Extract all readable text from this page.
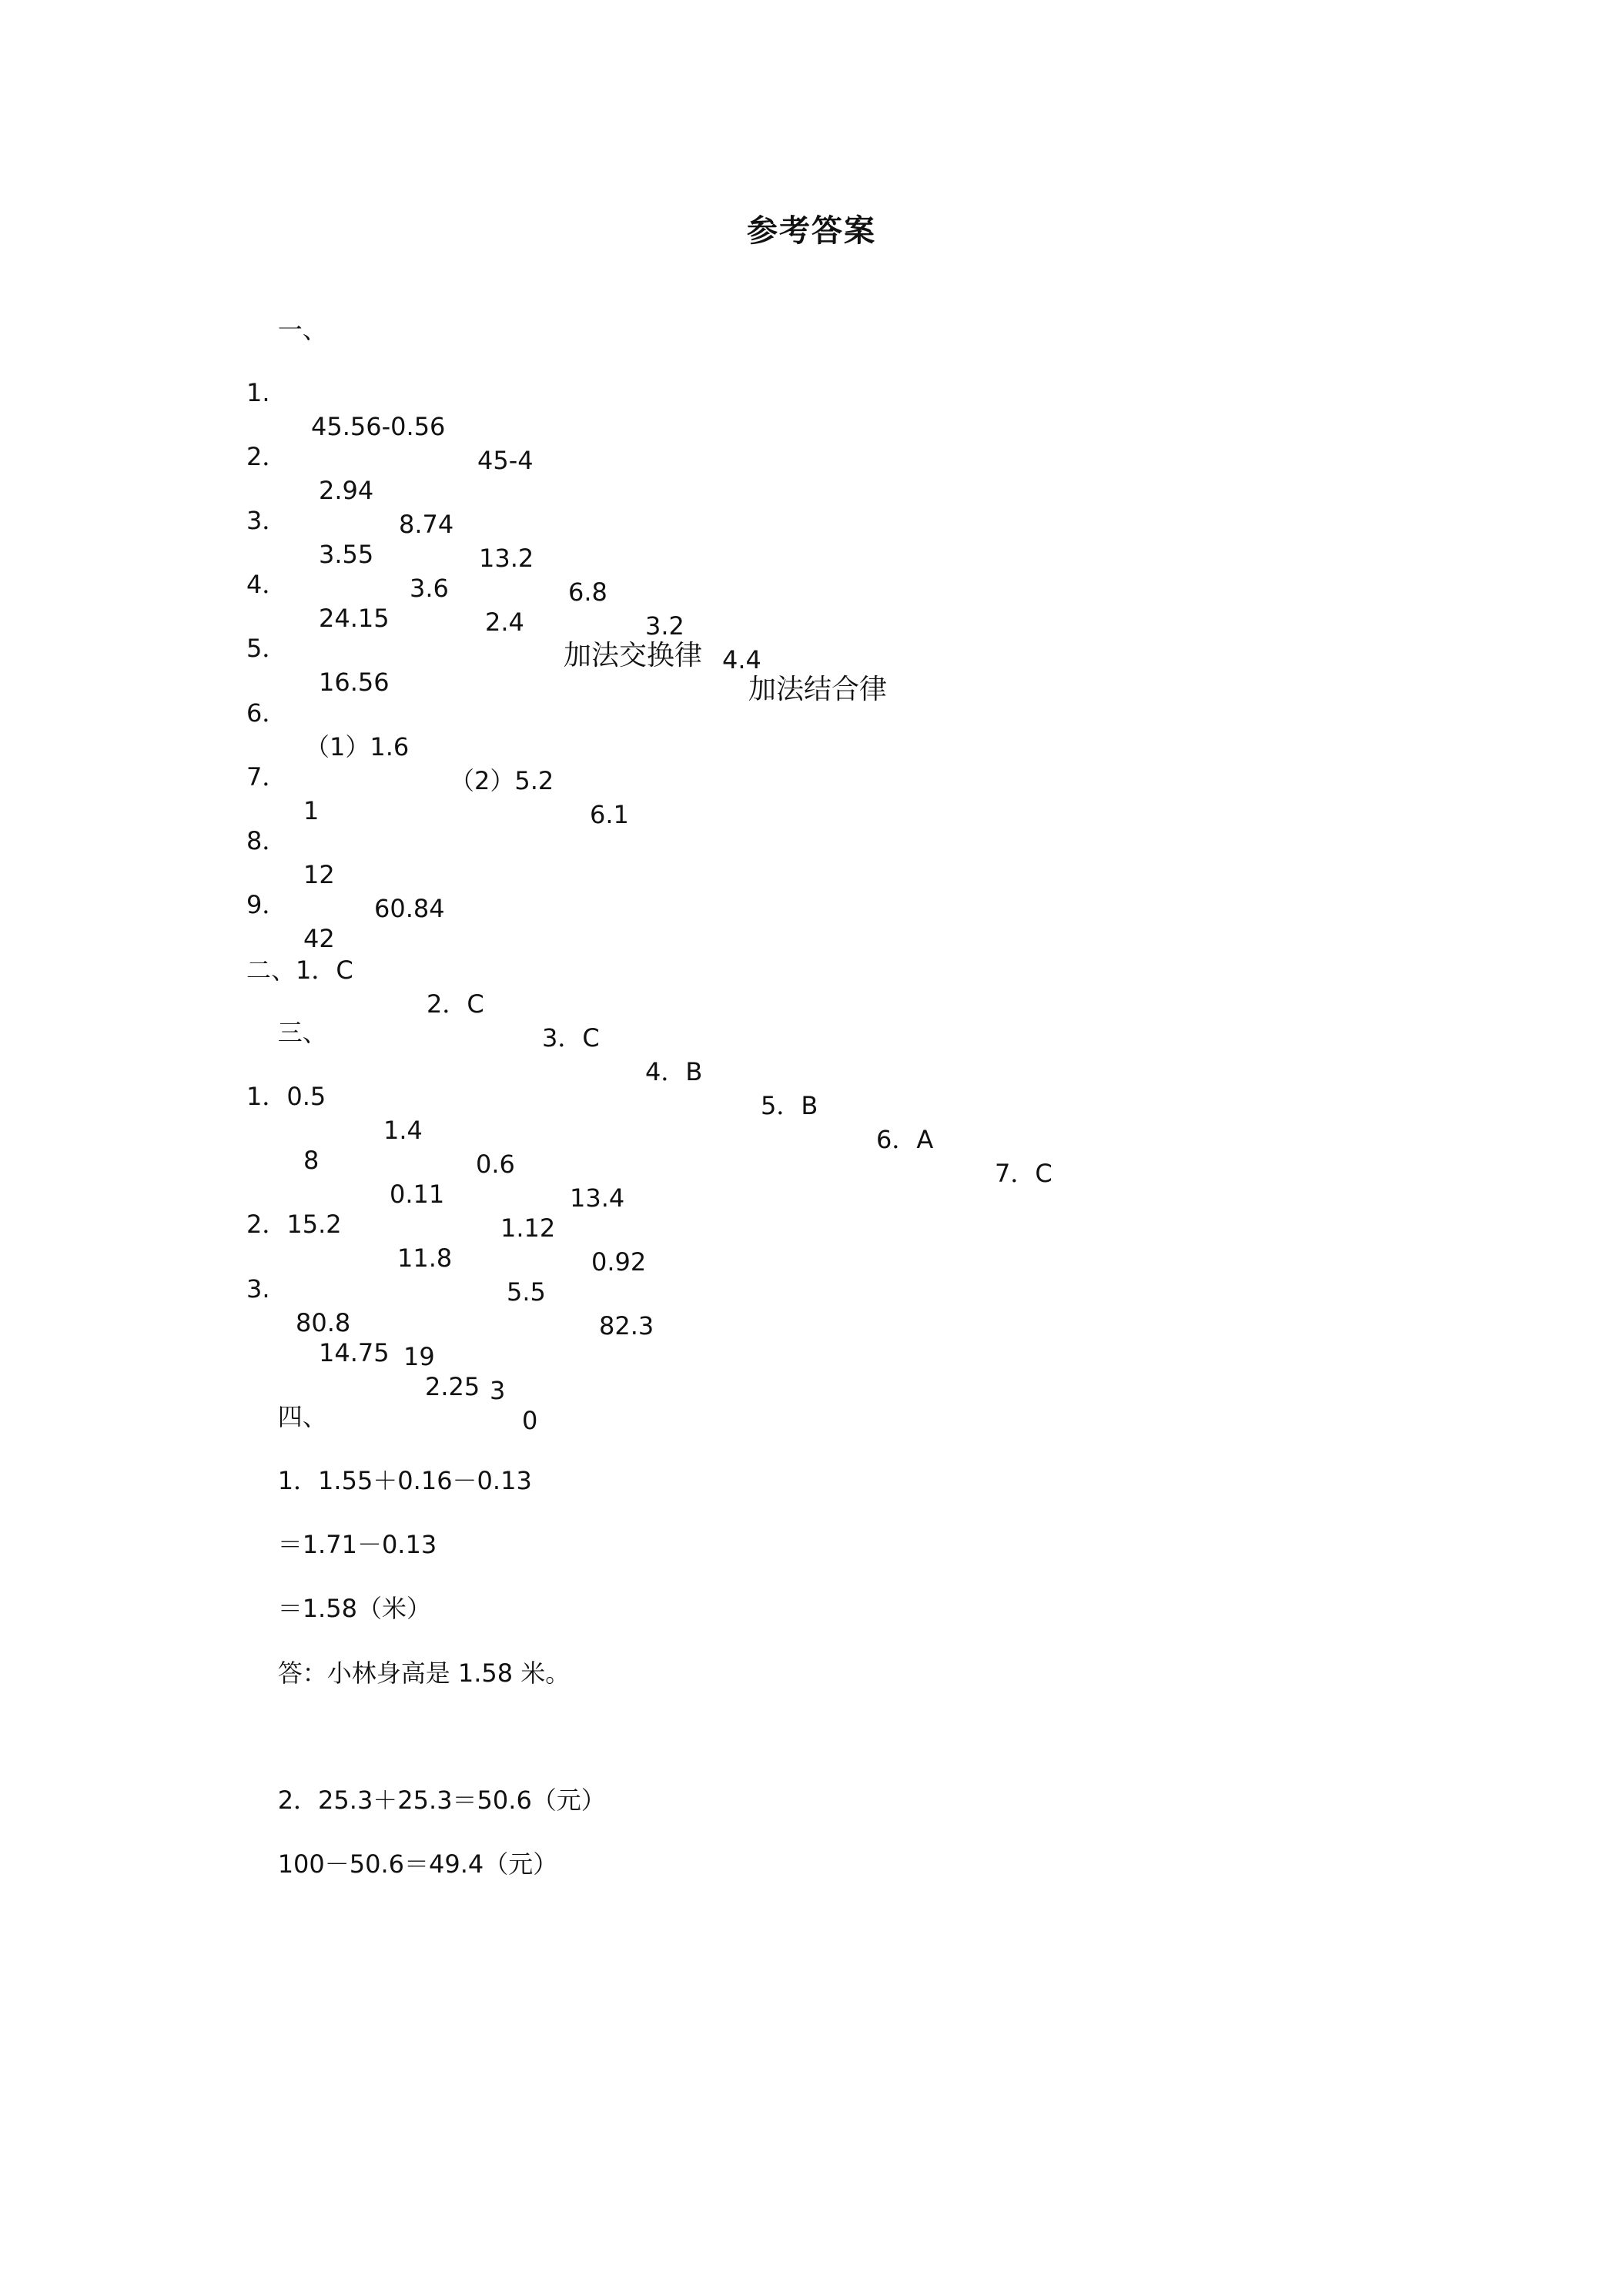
参考答案

一、

1.

45.56-0.56

45-4

2．

2.94

8.74

13.2

6.8

3.2

4.4

3．

3.55

3.6

2.4

加法交换律

加法结合律

4．

24.15

5．

16.56

6．

（1）1.6

（2）5.2

6.1

7．

1

8．

12

60.84

9．

42

二、1．C

2．C

3．C

4．B

5．B

6．A

7．C

三、

1．0.5

1.4

0.6

13.4

8

0.11

1.12

0.92

2．15.2

11.8

5.5

82.3

3.

80.8

19

3

14.75

2.25

0

四、

1．1.55＋0.16－0.13

＝1.71－0.13

＝1.58（米）

答：小林身高是 1.58 米。

2．25.3＋25.3＝50.6（元）

100－50.6＝49.4（元）
